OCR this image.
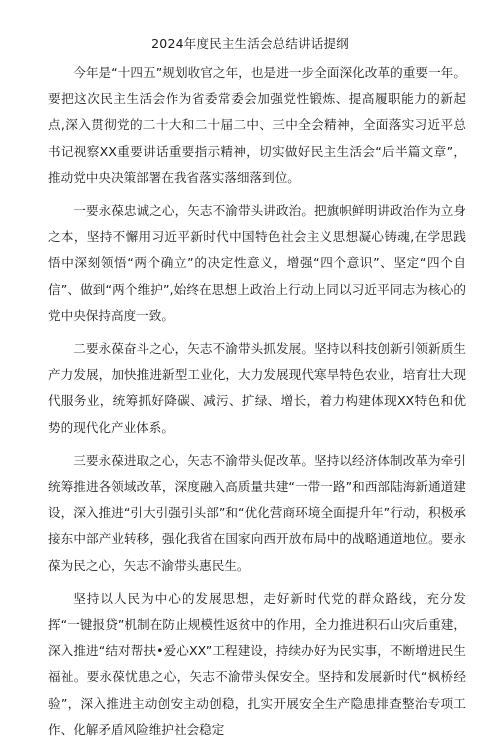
2024年度民主生活会总结讲话提纲

今年是“十四五”规划收官之年，也是进一步全面深化改革的重要一年。要把这次民主生活会作为省委常委会加强党性锻炼、提高履职能力的新起点,深入贯彻党的二十大和二十届二中、三中全会精神，全面落实习近平总书记视察XX重要讲话重要指示精神，切实做好民主生活会“后半篇文章”，推动党中央决策部署在我省落实落细落到位。

一要永葆忠诚之心，矢志不渝带头讲政治。把旗帜鲜明讲政治作为立身之本，坚持不懈用习近平新时代中国特色社会主义思想凝心铸魂,在学思践悟中深刻领悟“两个确立”的决定性意义，增强“四个意识”、坚定“四个自信”、做到“两个维护”,始终在思想上政治上行动上同以习近平同志为核心的党中央保持高度一致。

二要永葆奋斗之心，矢志不渝带头抓发展。坚持以科技创新引领新质生产力发展，加快推进新型工业化，大力发展现代寒旱特色农业，培育壮大现代服务业，统筹抓好降碳、减污、扩绿、增长，着力构建体现XX特色和优势的现代化产业体系。

三要永葆进取之心，矢志不渝带头促改革。坚持以经济体制改革为牵引统筹推进各领域改革，深度融入高质量共建“一带一路”和西部陆海新通道建设，深入推进“引大引强引头部”和“优化营商环境全面提升年”行动，积极承接东中部产业转移，强化我省在国家向西开放布局中的战略通道地位。要永葆为民之心，矢志不渝带头惠民生。

坚持以人民为中心的发展思想，走好新时代党的群众路线，充分发挥“一键报贷”机制在防止规模性返贫中的作用，全力推进积石山灾后重建，深入推进“结对帮扶•爱心XX”工程建设，持续办好为民实事，不断增进民生福祉。要永葆忧患之心，矢志不渝带头保安全。坚持和发展新时代“枫桥经验”，深入推进主动创安主动创稳，扎实开展安全生产隐患排查整治专项工作、化解矛盾风险维护社会稳定
